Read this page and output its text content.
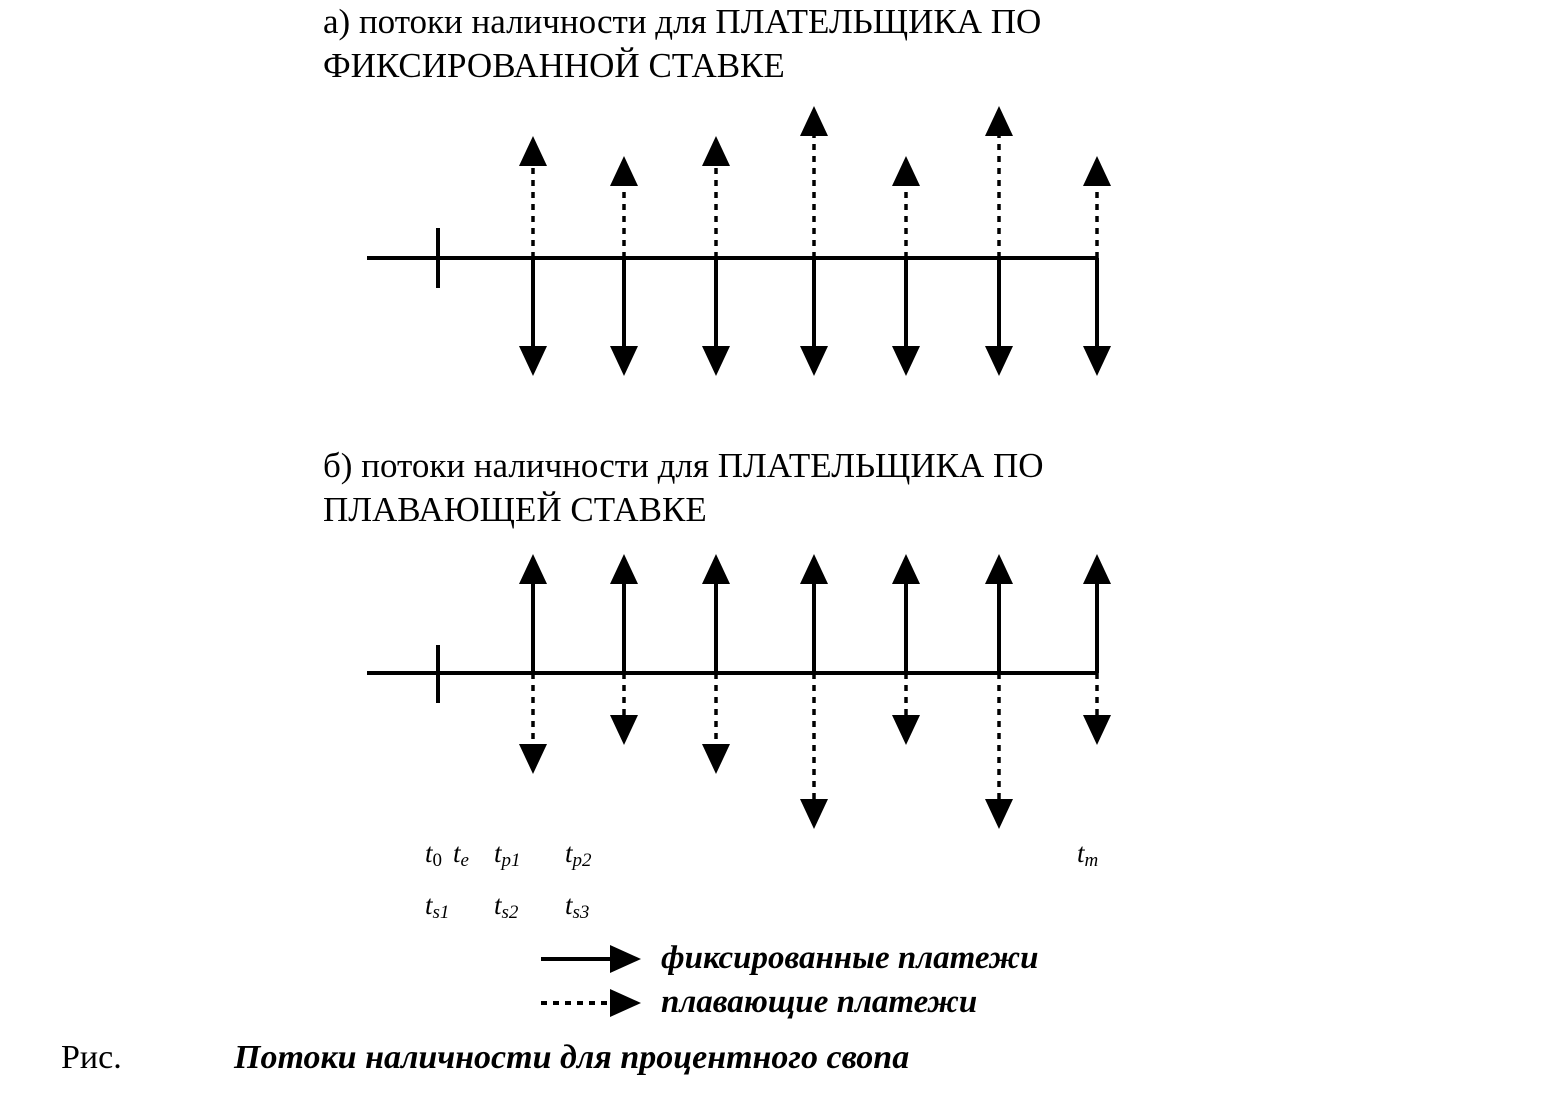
а) потоки наличности для ПЛАТЕЛЬЩИКА ПО
ФИКСИРОВАННОЙ СТАВКЕ
б) потоки наличности для ПЛАТЕЛЬЩИКА ПО
ПЛАВАЮЩЕЙ СТАВКЕ
$t_0$ $t_e$ $t_{p1}$ $t_{p2}$	$t_m$
$t_{s1}$ $t_{s2}$ $t_{s3}$
фиксированные платежи
плавающие платежи
Рис.	Потоки наличности для процентного свопа
